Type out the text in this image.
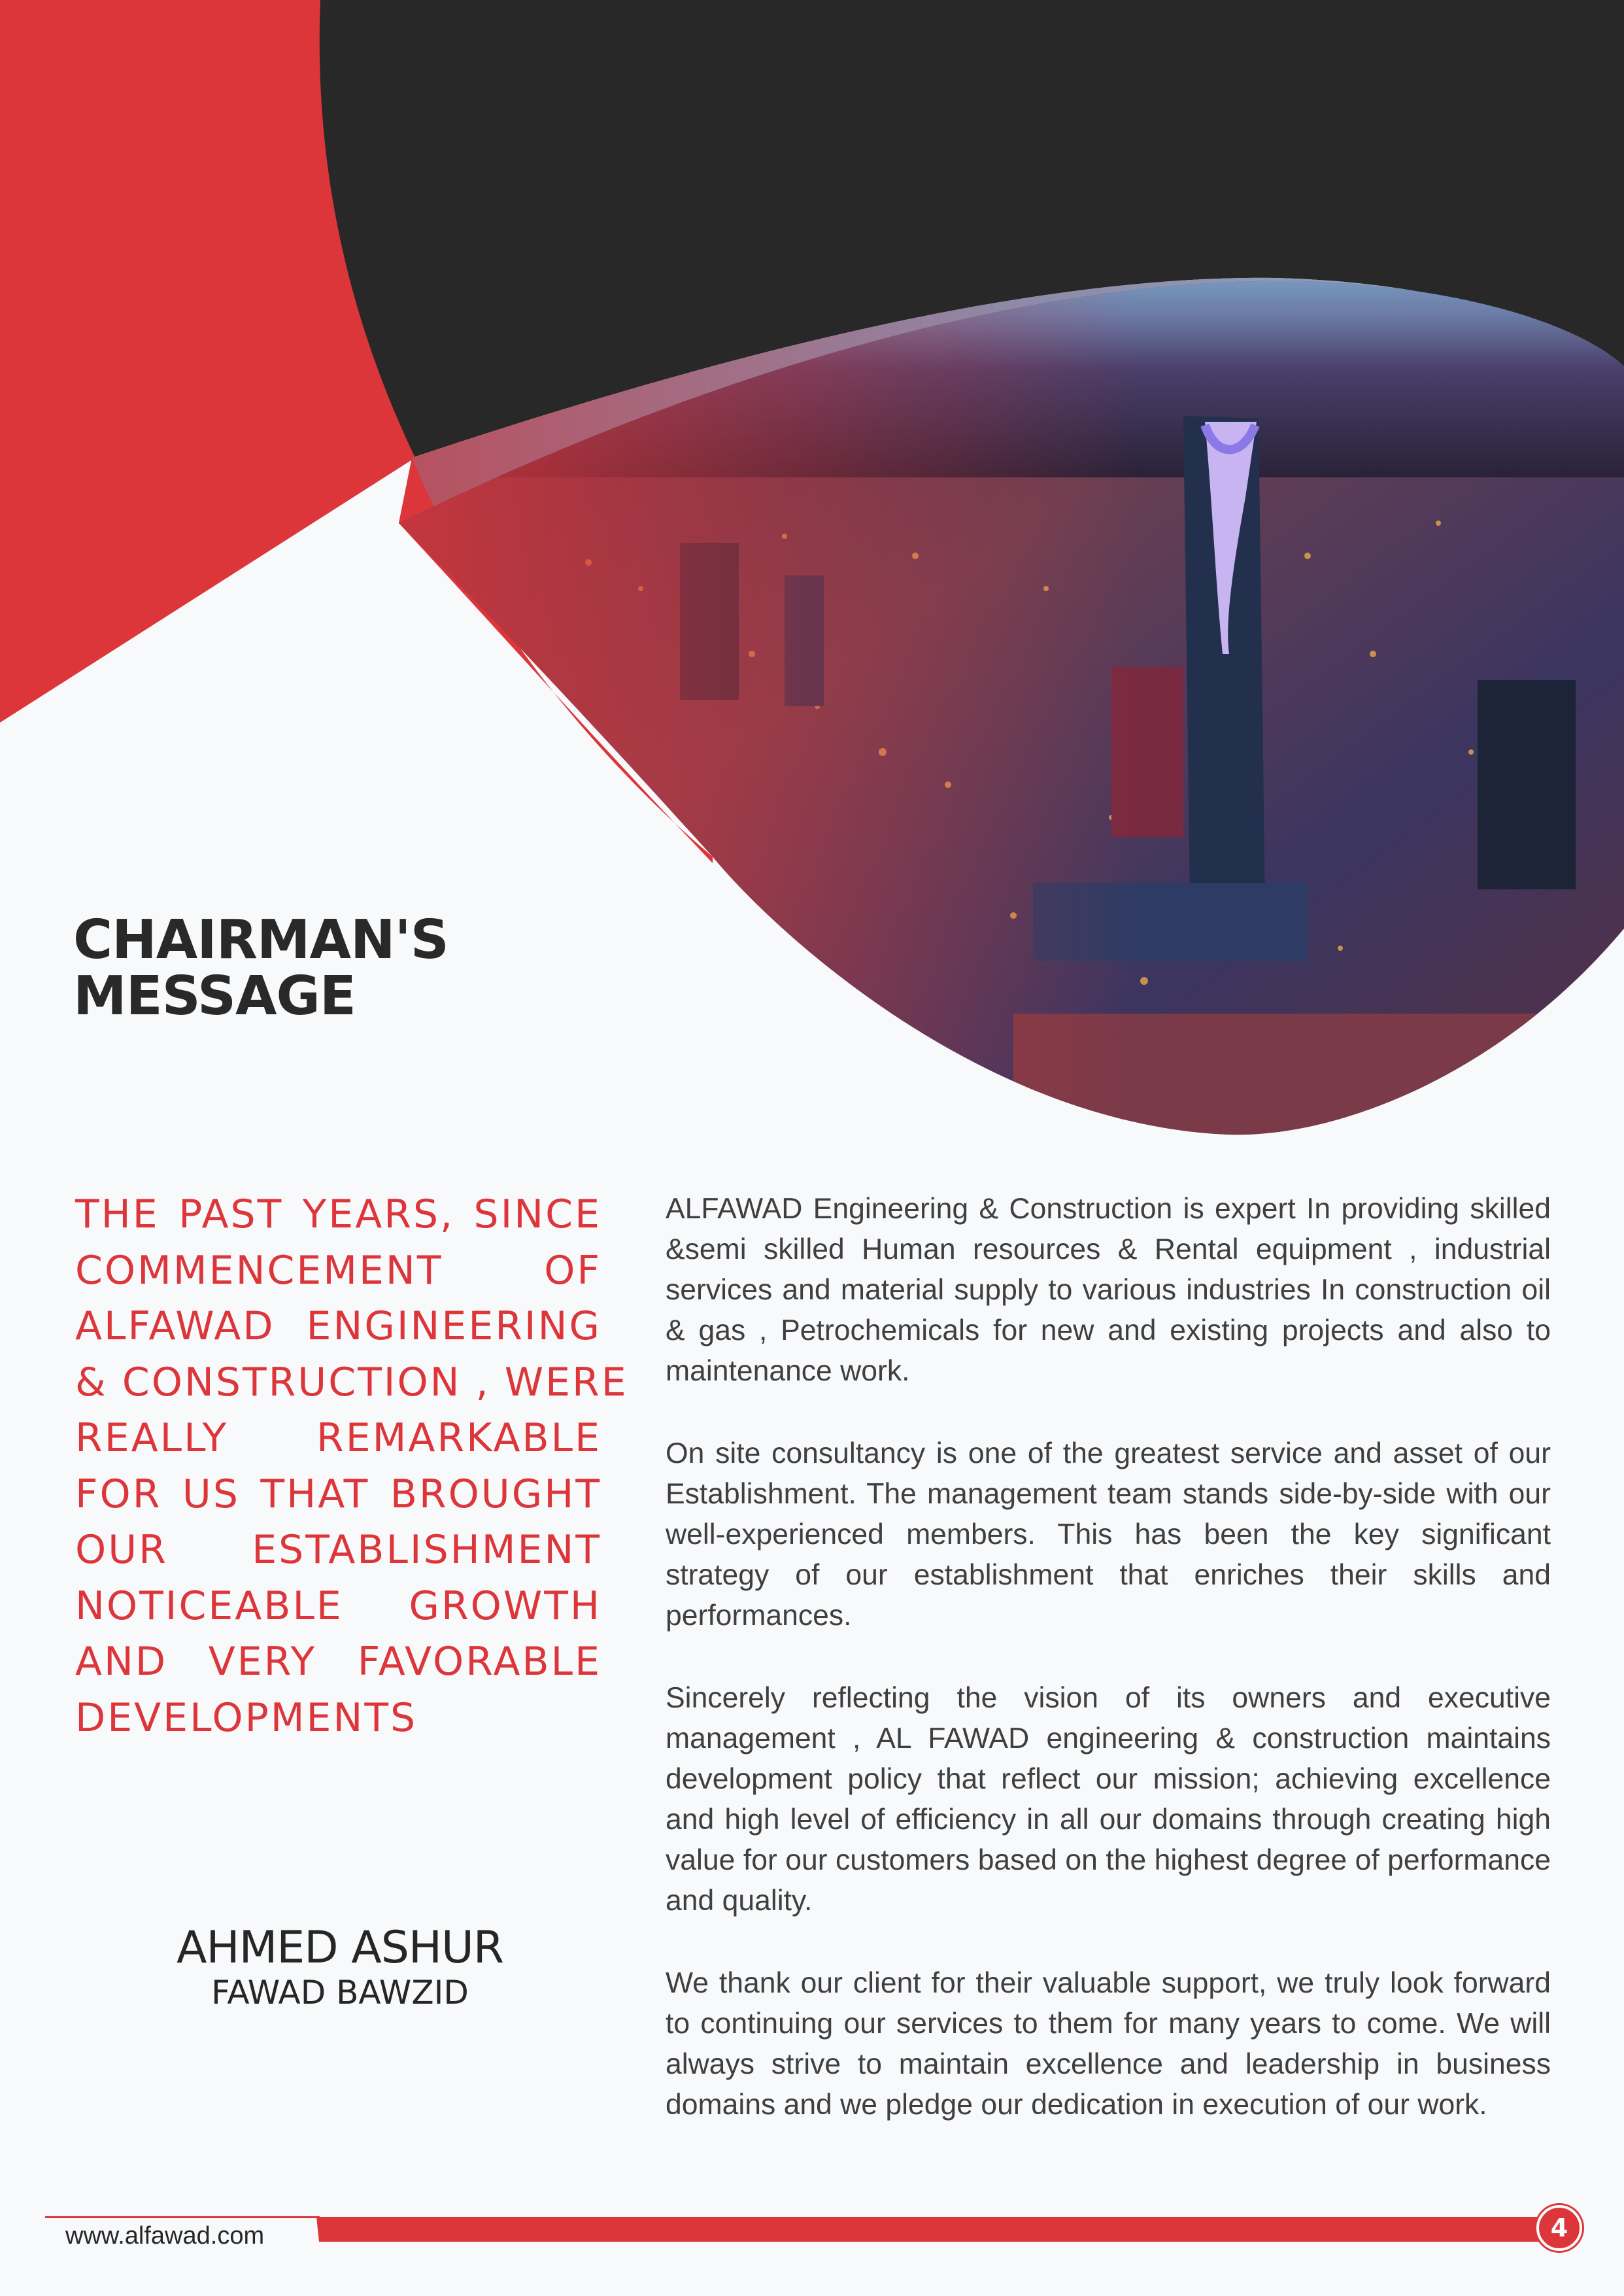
CHAIRMAN'S
MESSAGE
THE PAST YEARS, SINCE
COMMENCEMENT OF
ALFAWAD ENGINEERING
& CONSTRUCTION , WERE
REALLY REMARKABLE
FOR US THAT BROUGHT
OUR ESTABLISHMENT
NOTICEABLE GROWTH
AND VERY FAVORABLE
DEVELOPMENTS
AHMED ASHUR
FAWAD BAWZID

ALFAWAD Engineering & Construction is expert In providing skilled &semi skilled Human resources & Rental equipment , industrial services and material supply to various industries In construction oil & gas , Petrochemicals for new and existing projects and also to maintenance work.

On site consultancy is one of the greatest service and asset of our Establishment. The management team stands side-by-side with our well-experienced members. This has been the key significant strategy of our establishment that enriches their skills and performances.

Sincerely reflecting the vision of its owners and executive management , AL FAWAD engineering & construction maintains development policy that reflect our mission; achieving excellence and high level of efficiency in all our domains through creating high value for our customers based on the highest degree of performance and quality.

We thank our client for their valuable support, we truly look forward to continuing our services to them for many years to come. We will always strive to maintain excellence and leadership in business domains and we pledge our dedication in execution of our work.

www.alfawad.com	4
